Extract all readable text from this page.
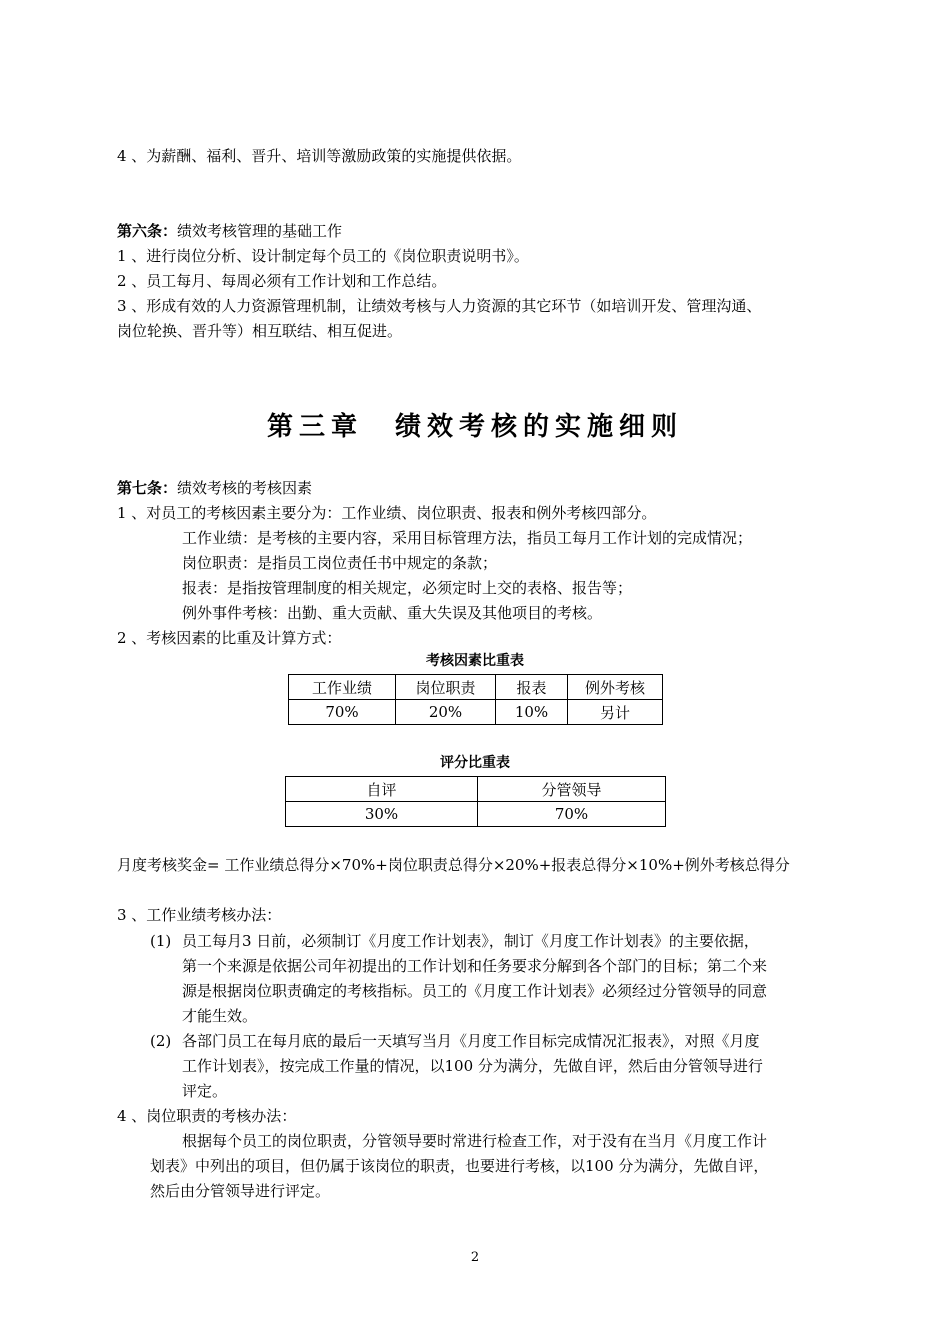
4 、为薪酬、福利、晋升、培训等激励政策的实施提供依据。
第六条：绩效考核管理的基础工作
1 、进行岗位分析、设计制定每个员工的《岗位职责说明书》。
2 、员工每月、每周必须有工作计划和工作总结。
3 、形成有效的人力资源管理机制，让绩效考核与人力资源的其它环节（如培训开发、管理沟通、
岗位轮换、晋升等）相互联结、相互促进。
第三章 绩效考核的实施细则
第七条：绩效考核的考核因素
1 、对员工的考核因素主要分为：工作业绩、岗位职责、报表和例外考核四部分。
工作业绩：是考核的主要内容，采用目标管理方法，指员工每月工作计划的完成情况；
岗位职责：是指员工岗位责任书中规定的条款；
报表：是指按管理制度的相关规定，必须定时上交的表格、报告等；
例外事件考核：出勤、重大贡献、重大失误及其他项目的考核。
2 、考核因素的比重及计算方式：
考核因素比重表
工作业绩	岗位职责	报表	例外考核
70%	20%	10%	另计
评分比重表
自评	分管领导
30%	70%
月度考核奖金= 工作业绩总得分×70%+岗位职责总得分×20%+报表总得分×10%+例外考核总得分
3 、工作业绩考核办法：
(1) 员工每月3 日前，必须制订《月度工作计划表》，制订《月度工作计划表》的主要依据，
第一个来源是依据公司年初提出的工作计划和任务要求分解到各个部门的目标；第二个来
源是根据岗位职责确定的考核指标。员工的《月度工作计划表》必须经过分管领导的同意
才能生效。
(2) 各部门员工在每月底的最后一天填写当月《月度工作目标完成情况汇报表》，对照《月度
工作计划表》，按完成工作量的情况，以100 分为满分，先做自评，然后由分管领导进行
评定。
4 、岗位职责的考核办法：
根据每个员工的岗位职责，分管领导要时常进行检查工作，对于没有在当月《月度工作计
划表》中列出的项目，但仍属于该岗位的职责，也要进行考核，以100 分为满分，先做自评，
然后由分管领导进行评定。
2
